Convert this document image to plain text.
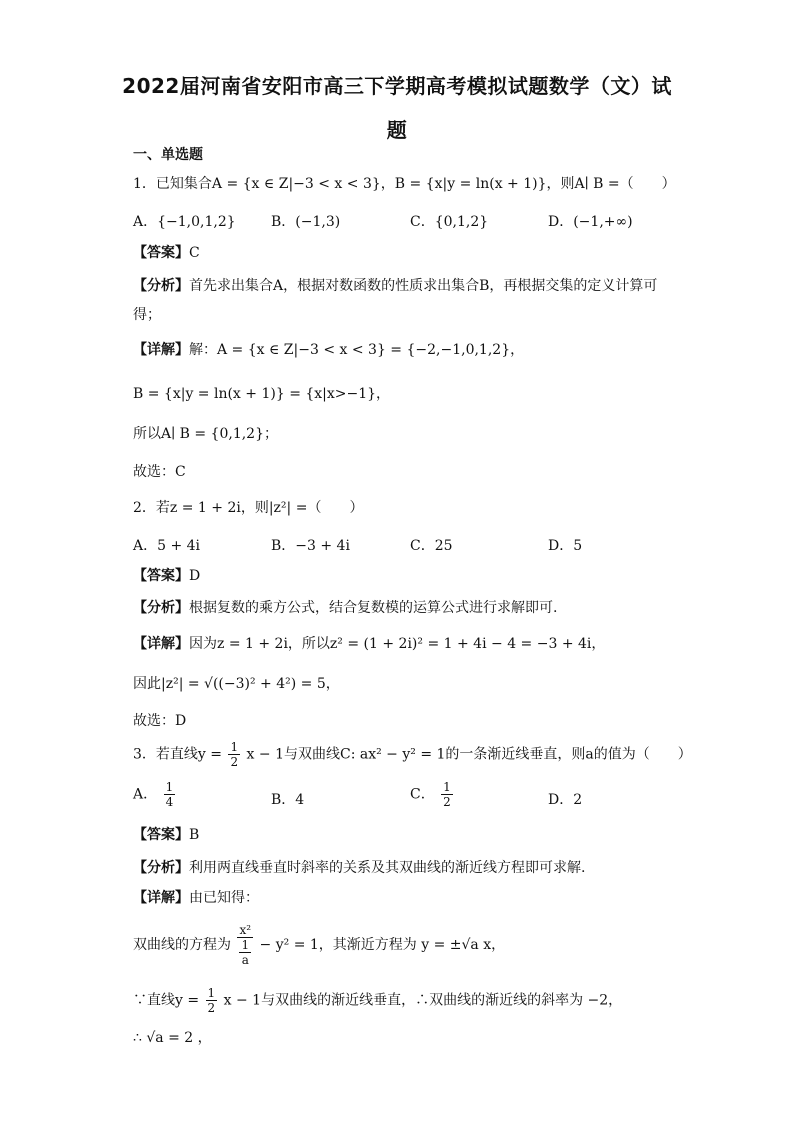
2022届河南省安阳市高三下学期高考模拟试题数学（文）试
题
一、单选题
1．已知集合A = {x ∈ Z|−3 < x < 3}，B = {x|y = ln(x + 1)}，则A∣ B =（　　）
A．{−1,0,1,2}	B．(−1,3)	C．{0,1,2}	D．(−1,+∞)
【答案】C
【分析】首先求出集合A，根据对数函数的性质求出集合B，再根据交集的定义计算可
得；
【详解】解：A = {x ∈ Z|−3 < x < 3} = {−2,−1,0,1,2}，
B = {x|y = ln(x + 1)} = {x|x>−1}，
所以A∣ B = {0,1,2}；
故选：C
2．若z = 1 + 2i，则|z²| =（　　）
A．5 + 4i	B．−3 + 4i	C．25	D．5
【答案】D
【分析】根据复数的乘方公式，结合复数模的运算公式进行求解即可.
【详解】因为z = 1 + 2i，所以z² = (1 + 2i)² = 1 + 4i − 4 = −3 + 4i，
因此|z²| = √((−3)² + 4²) = 5，
故选：D
3．若直线$y = \frac{1}{2}$ x − 1与双曲线C: ax² − y² = 1的一条渐近线垂直，则a的值为（　　）
A． $\frac{1}{4}$	B．4	C． $\frac{1}{2}$	D．2
【答案】B
【分析】利用两直线垂直时斜率的关系及其双曲线的渐近线方程即可求解.
【详解】由已知得：
双曲线的方程为 $\frac{\text{x²}}{\frac{1}{a}} - y^2 = 1$，其渐近方程为 y = ±√a x，
∵直线$y = \frac{1}{2}$ x − 1与双曲线的渐近线垂直，∴双曲线的渐近线的斜率为 −2，
∴ √a = 2 ，
